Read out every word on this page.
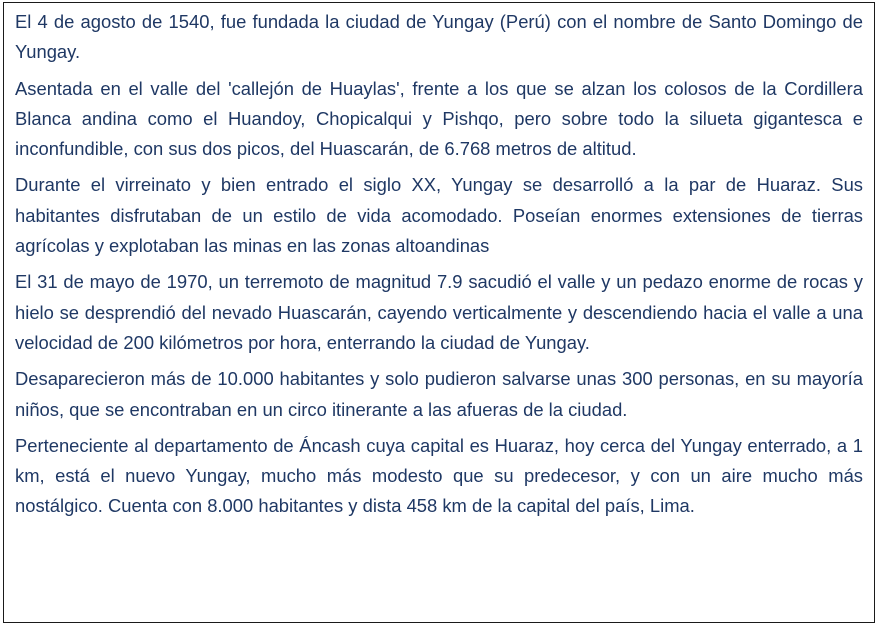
El 4 de agosto de 1540, fue fundada la ciudad de Yungay (Perú) con el nombre de Santo Domingo de Yungay.

Asentada en el valle del 'callejón de Huaylas', frente a los que se alzan los colosos de la Cordillera Blanca andina como el Huandoy, Chopicalqui y Pishqo, pero sobre todo la silueta gigantesca e inconfundible, con sus dos picos, del Huascarán, de 6.768 metros de altitud.

Durante el virreinato y bien entrado el siglo XX, Yungay se desarrolló a la par de Huaraz. Sus habitantes disfrutaban de un estilo de vida acomodado. Poseían enormes extensiones de tierras agrícolas y explotaban las minas en las zonas altoandinas

El 31 de mayo de 1970, un terremoto de magnitud 7.9 sacudió el valle y un pedazo enorme de rocas y hielo se desprendió del nevado Huascarán, cayendo verticalmente y descendiendo hacia el valle a una velocidad de 200 kilómetros por hora, enterrando la ciudad de Yungay.

Desaparecieron más de 10.000 habitantes y solo pudieron salvarse unas 300 personas, en su mayoría niños, que se encontraban en un circo itinerante a las afueras de la ciudad.

Perteneciente al departamento de Áncash cuya capital es Huaraz, hoy cerca del Yungay enterrado, a 1 km, está el nuevo Yungay, mucho más modesto que su predecesor, y con un aire mucho más nostálgico. Cuenta con 8.000 habitantes y dista 458 km de la capital del país, Lima.
